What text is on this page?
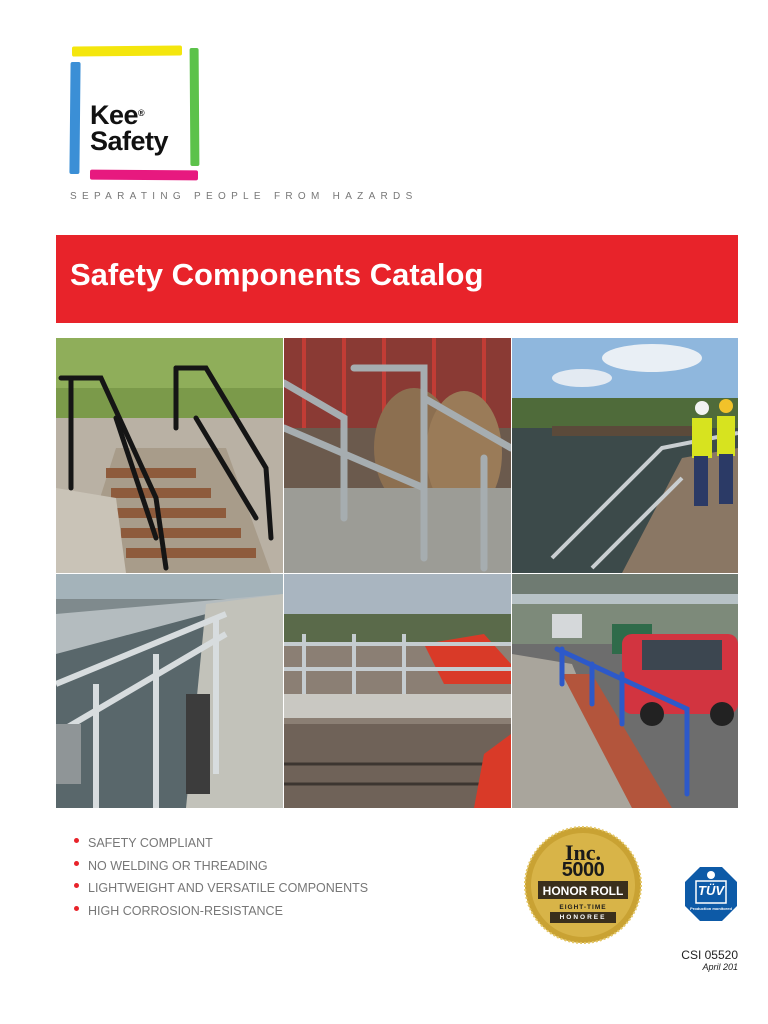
Kee®
Safety
SEPARATING PEOPLE FROM HAZARDS
Safety Components Catalog
SAFETY COMPLIANT
NO WELDING OR THREADING
LIGHTWEIGHT AND VERSATILE COMPONENTS
HIGH CORROSION-RESISTANCE
Inc.
5000
HONOR ROLL
EIGHT-TIME
HONOREE
TÜV
Production monitored
CSI 05520
April 201
